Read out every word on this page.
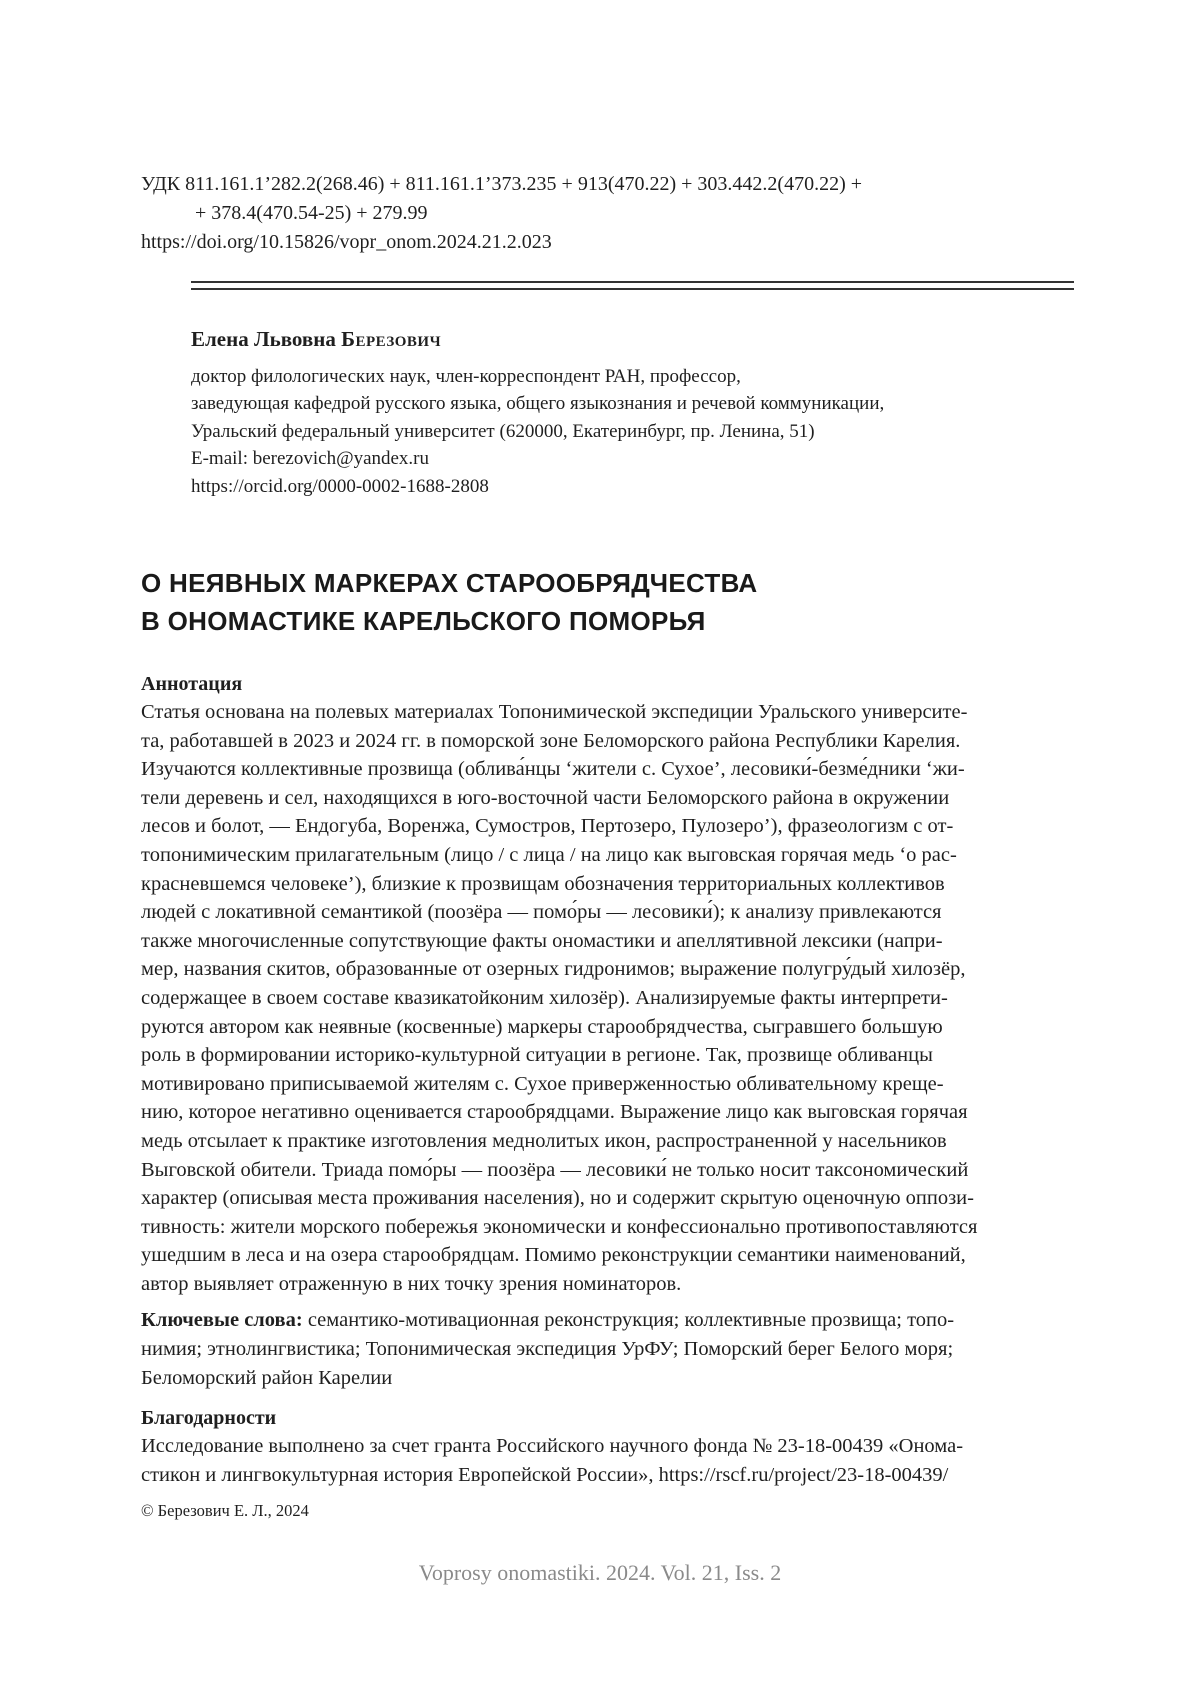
УДК 811.161.1’282.2(268.46) + 811.161.1’373.235 + 913(470.22) + 303.442.2(470.22) +
+ 378.4(470.54-25) + 279.99
https://doi.org/10.15826/vopr_onom.2024.21.2.023
Елена Львовна Березович
доктор филологических наук, член-корреспондент РАН, профессор,
заведующая кафедрой русского языка, общего языкознания и речевой коммуникации,
Уральский федеральный университет (620000, Екатеринбург, пр. Ленина, 51)
E-mail: berezovich@yandex.ru
https://orcid.org/0000-0002-1688-2808
О НЕЯВНЫХ МАРКЕРАХ СТАРООБРЯДЧЕСТВА
В ОНОМАСТИКЕ КАРЕЛЬСКОГО ПОМОРЬЯ
Аннотация
Статья основана на полевых материалах Топонимической экспедиции Уральского университе-
та, работавшей в 2023 и 2024 гг. в поморской зоне Беломорского района Республики Карелия.
Изучаются коллективные прозвища (облива́нцы ‘жители с. Сухое’, лесовики́-безме́дники ‘жи-
тели деревень и сел, находящихся в юго-восточной части Беломорского района в окружении
лесов и болот, — Ендогуба, Воренжа, Сумостров, Пертозеро, Пулозеро’), фразеологизм с от-
топонимическим прилагательным (лицо / с лица / на лицо как выговская горячая медь ‘о рас-
красневшемся человеке’), близкие к прозвищам обозначения территориальных коллективов
людей с локативной семантикой (поозёра — помо́ры — лесовики́); к анализу привлекаются
также многочисленные сопутствующие факты ономастики и апеллятивной лексики (напри-
мер, названия скитов, образованные от озерных гидронимов; выражение полугру́дый хилозёр,
содержащее в своем составе квазикатойконим хилозёр). Анализируемые факты интерпрети-
руются автором как неявные (косвенные) маркеры старообрядчества, сыгравшего большую
роль в формировании историко-культурной ситуации в регионе. Так, прозвище обливанцы
мотивировано приписываемой жителям с. Сухое приверженностью обливательному креще-
нию, которое негативно оценивается старообрядцами. Выражение лицо как выговская горячая
медь отсылает к практике изготовления меднолитых икон, распространенной у насельников
Выговской обители. Триада помо́ры — поозёра — лесовики́ не только носит таксономический
характер (описывая места проживания населения), но и содержит скрытую оценочную оппози-
тивность: жители морского побережья экономически и конфессионально противопоставляются
ушедшим в леса и на озера старообрядцам. Помимо реконструкции семантики наименований,
автор выявляет отраженную в них точку зрения номинаторов.
Ключевые слова: семантико-мотивационная реконструкция; коллективные прозвища; топо-
нимия; этнолингвистика; Топонимическая экспедиция УрФУ; Поморский берег Белого моря;
Беломорский район Карелии
Благодарности
Исследование выполнено за счет гранта Российского научного фонда № 23-18-00439 «Онома-
стикон и лингвокультурная история Европейской России», https://rscf.ru/project/23-18-00439/
© Березович Е. Л., 2024
Voprosy onomastiki. 2024. Vol. 21, Iss. 2
